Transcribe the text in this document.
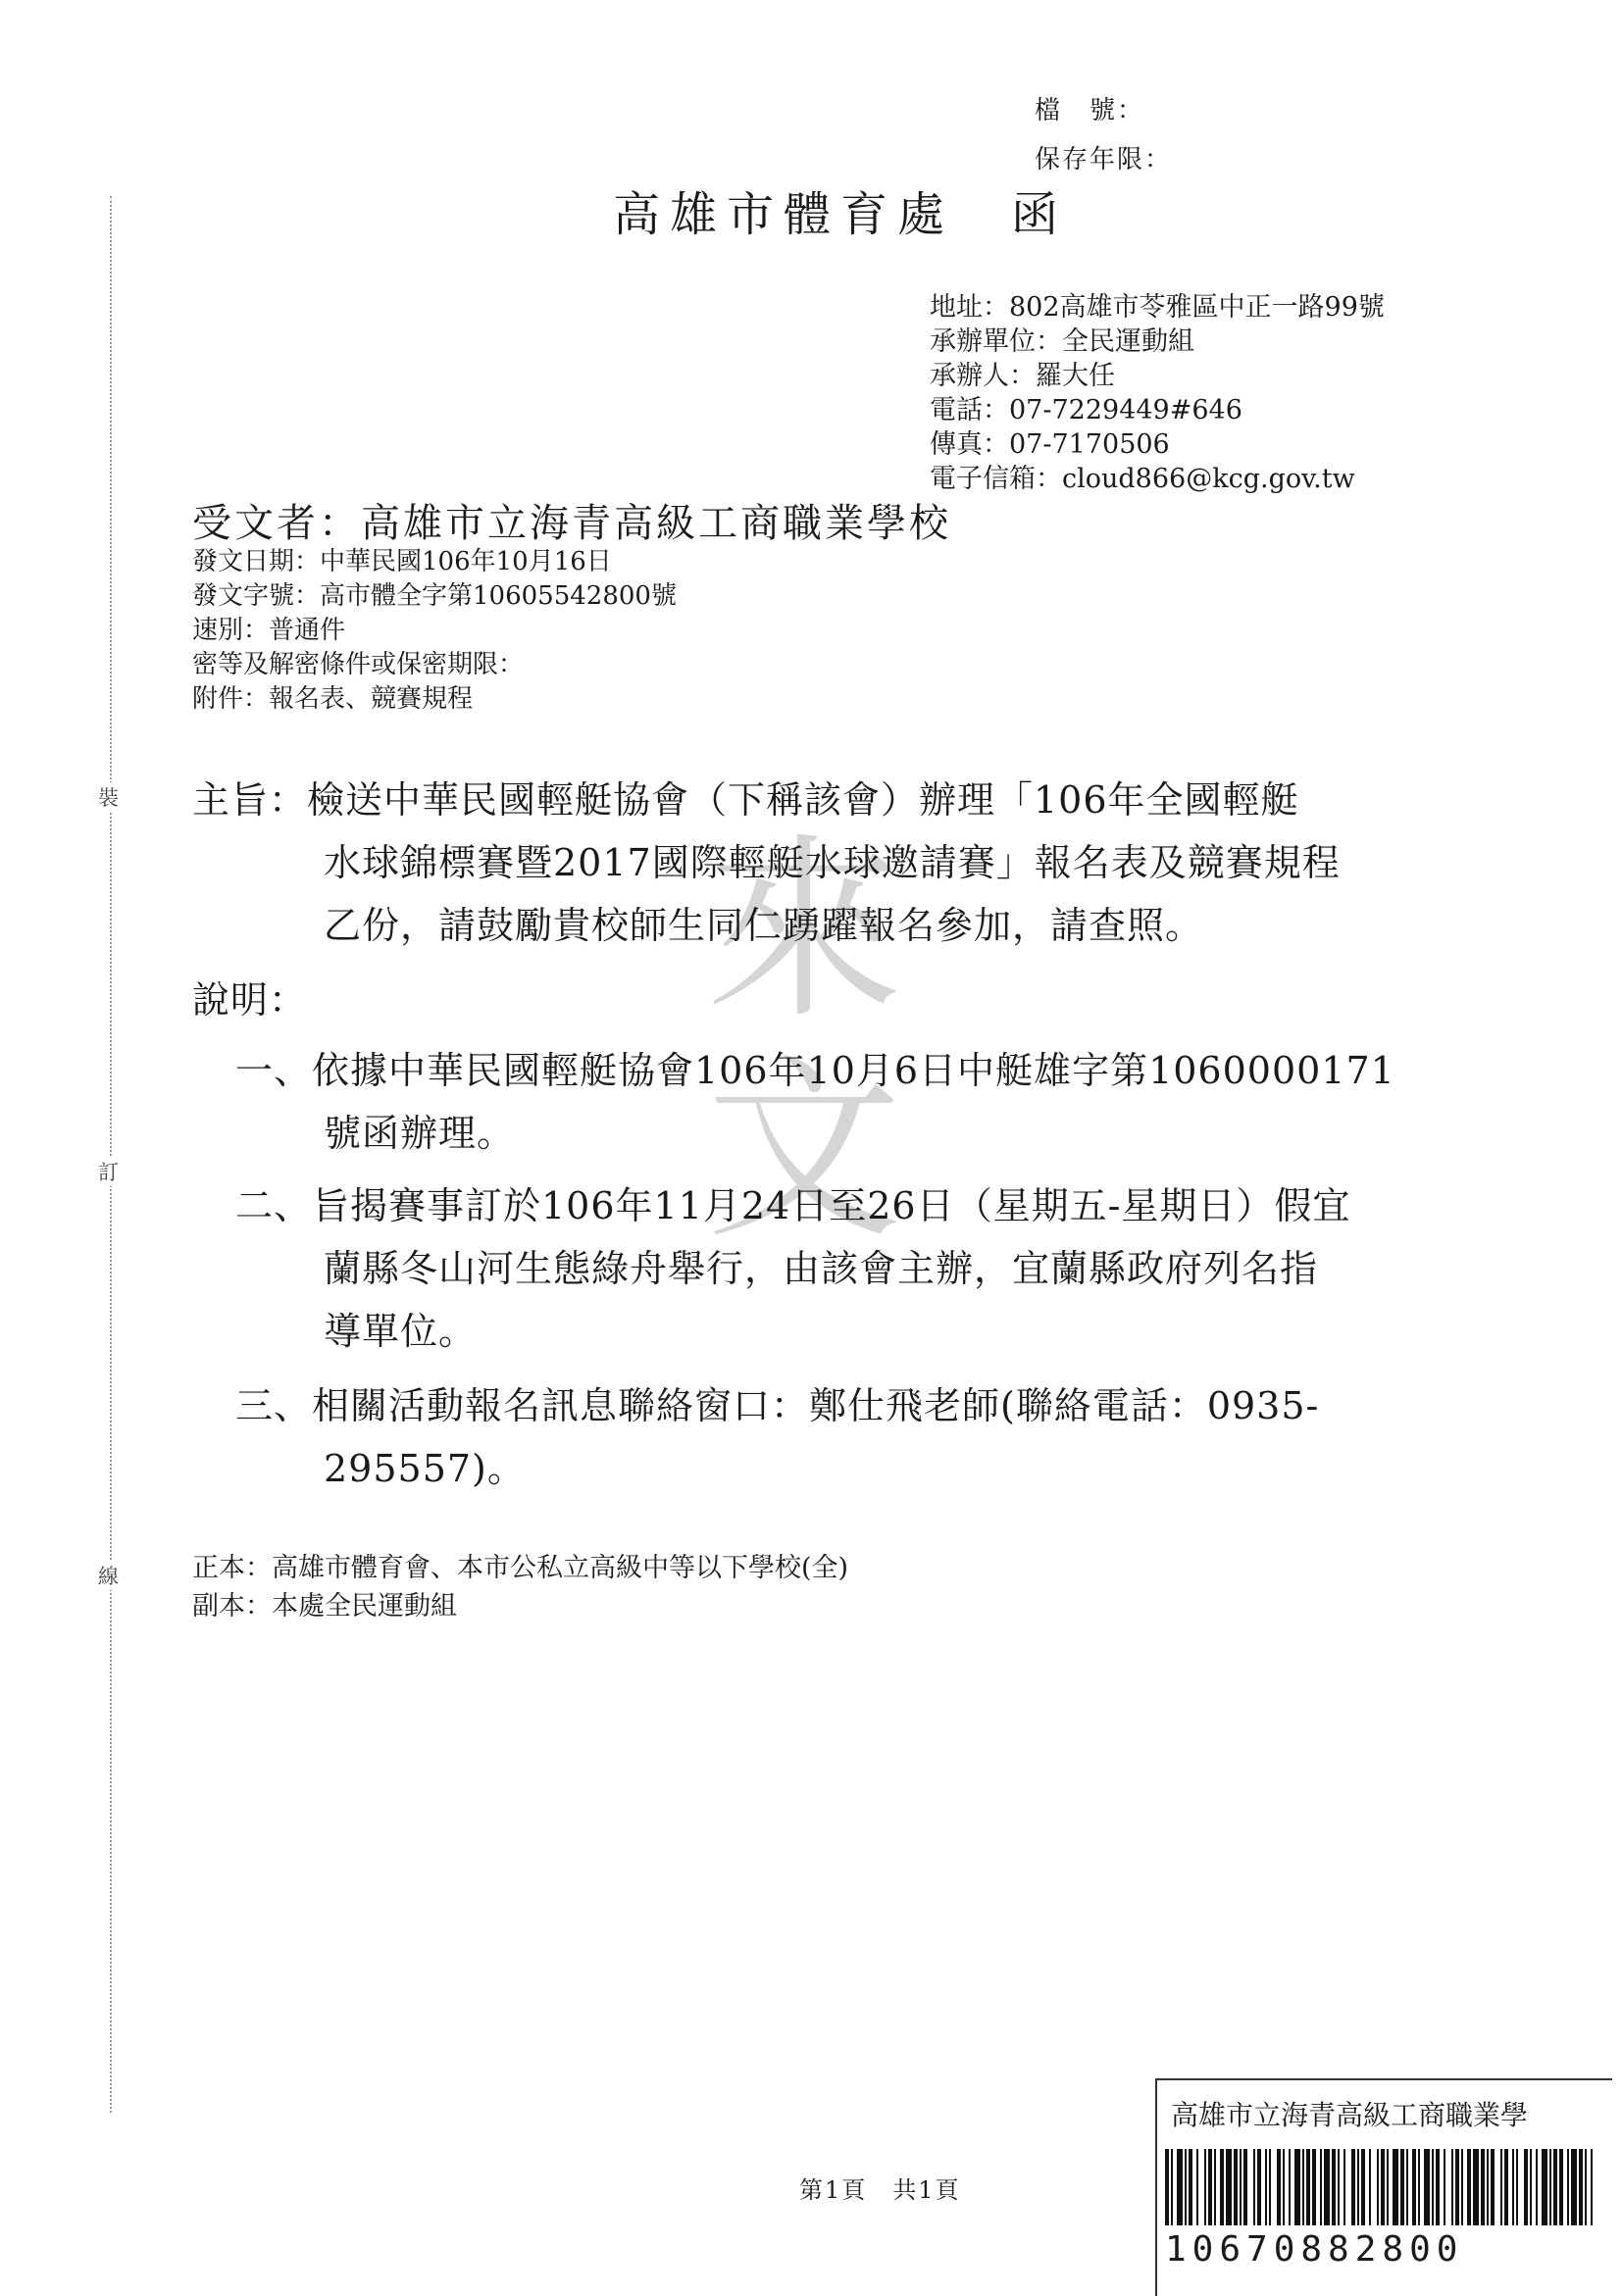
檔　號：
保存年限：
高雄市體育處　函
裝
訂
線
地址：802高雄市苓雅區中正一路99號
承辦單位：全民運動組
承辦人：羅大任
電話：07-7229449#646
傳真：07-7170506
電子信箱：cloud866@kcg.gov.tw
受文者：高雄市立海青高級工商職業學校
發文日期：中華民國106年10月16日
發文字號：高市體全字第10605542800號
速別：普通件
密等及解密條件或保密期限：
附件：報名表、競賽規程
來
文
主旨：檢送中華民國輕艇協會（下稱該會）辦理「106年全國輕艇
水球錦標賽暨2017國際輕艇水球邀請賽」報名表及競賽規程
乙份，請鼓勵貴校師生同仁踴躍報名參加，請查照。
說明：
一、依據中華民國輕艇協會106年10月6日中艇雄字第1060000171
號函辦理。
二、旨揭賽事訂於106年11月24日至26日（星期五-星期日）假宜
蘭縣冬山河生態綠舟舉行，由該會主辦，宜蘭縣政府列名指
導單位。
三、相關活動報名訊息聯絡窗口：鄭仕飛老師(聯絡電話：0935-
295557)。
正本：高雄市體育會、本市公私立高級中等以下學校(全)
副本：本處全民運動組
第1頁　共1頁
高雄市立海青高級工商職業學
10670882800
